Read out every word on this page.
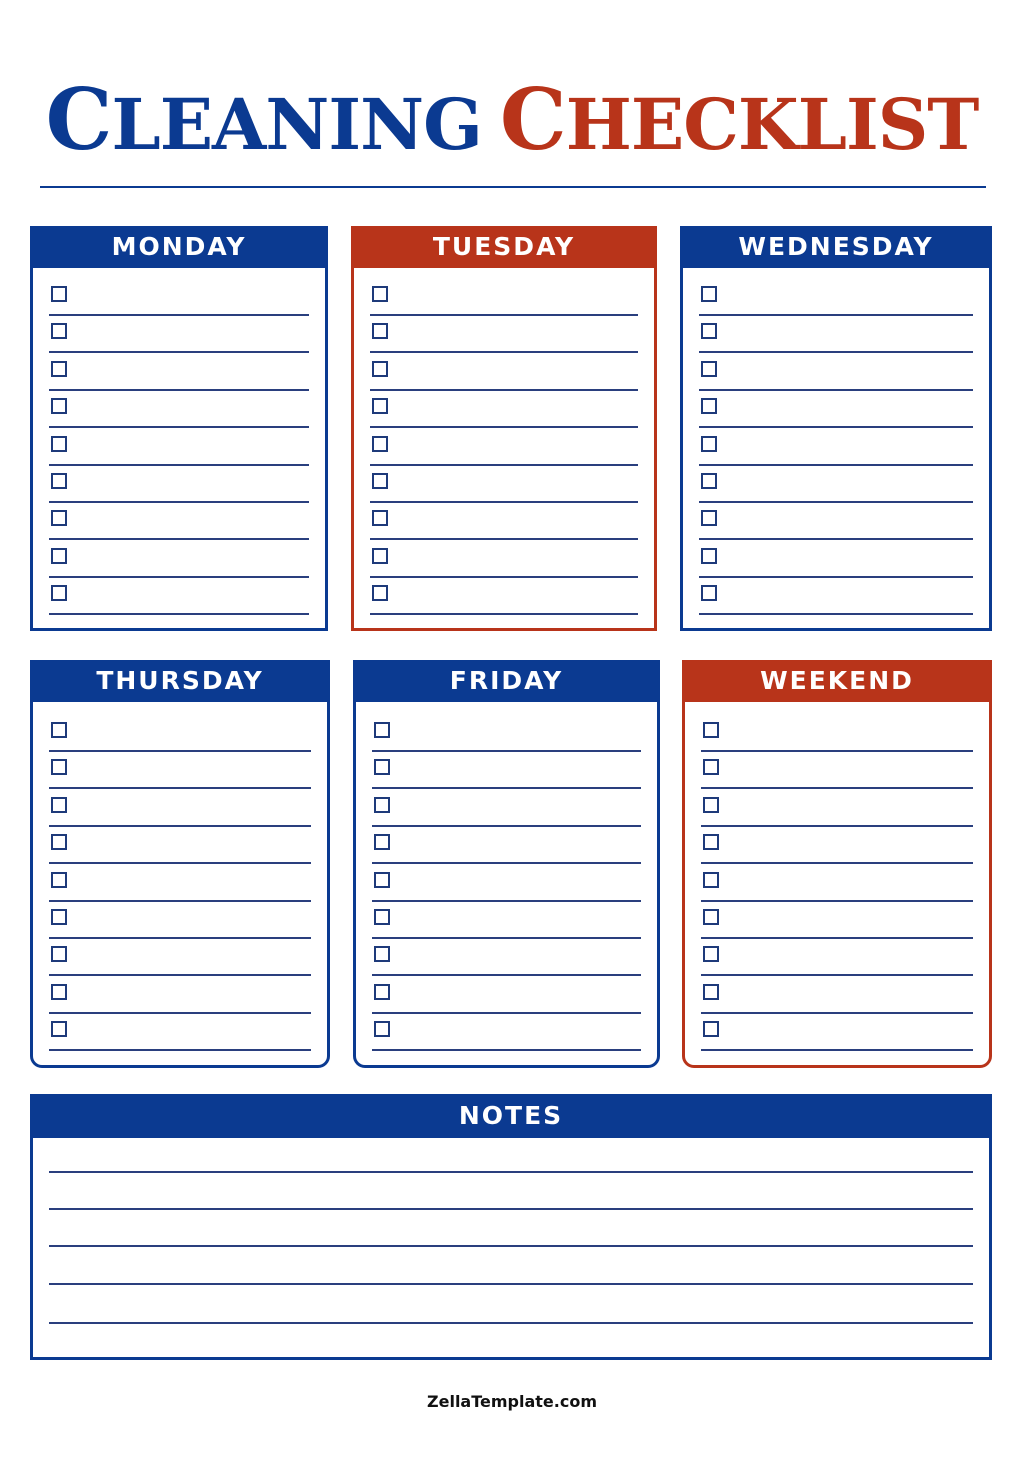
CLEANING CHECKLIST
MONDAY	TUESDAY	WEDNESDAY
THURSDAY	FRIDAY	WEEKEND
NOTES
ZellaTemplate.com
